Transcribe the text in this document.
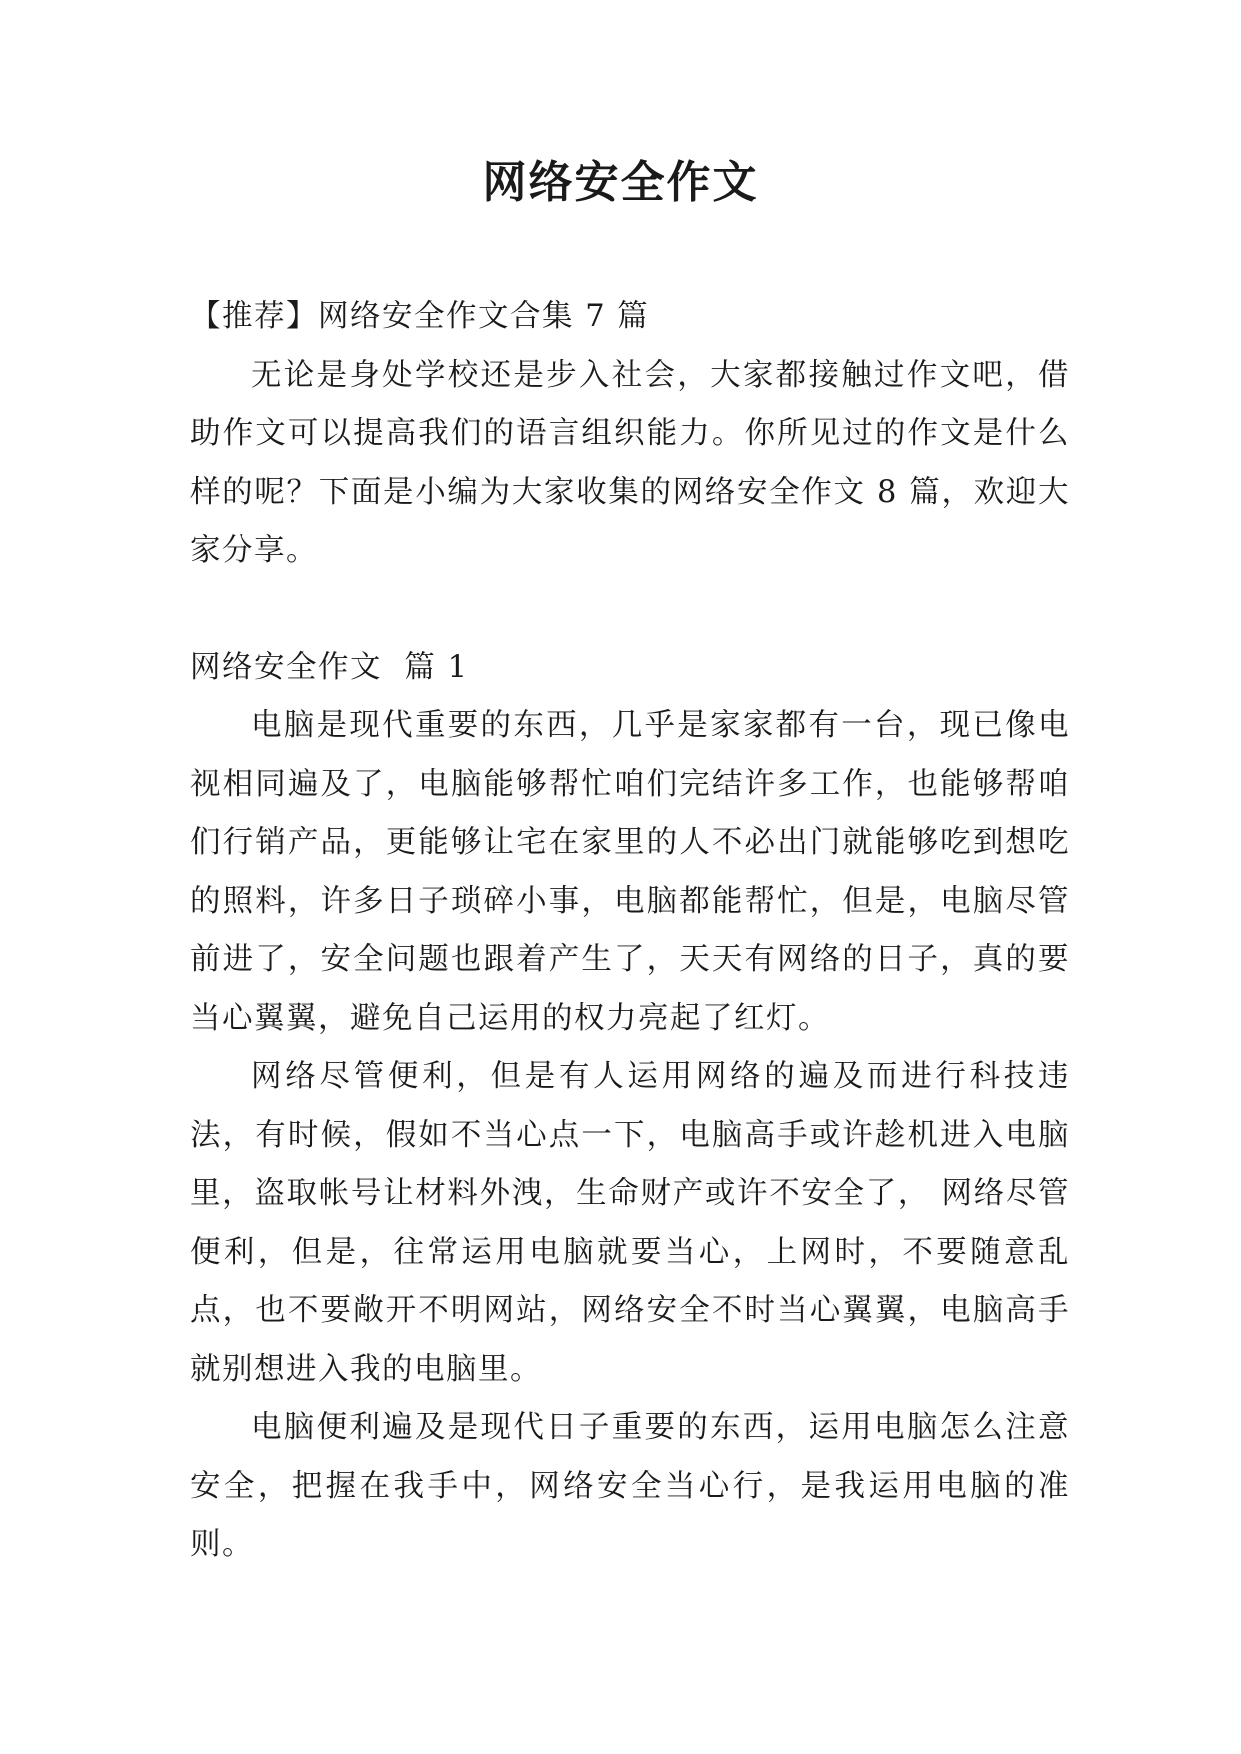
网络安全作文

【推荐】网络安全作文合集 7 篇

无论是身处学校还是步入社会，大家都接触过作文吧，借助作文可以提高我们的语言组织能力。你所见过的作文是什么样的呢？下面是小编为大家收集的网络安全作文 8 篇，欢迎大家分享。

网络安全作文  篇 1

电脑是现代重要的东西，几乎是家家都有一台，现已像电视相同遍及了，电脑能够帮忙咱们完结许多工作，也能够帮咱们行销产品，更能够让宅在家里的人不必出门就能够吃到想吃的照料，许多日子琐碎小事，电脑都能帮忙，但是，电脑尽管前进了，安全问题也跟着产生了，天天有网络的日子，真的要当心翼翼，避免自己运用的权力亮起了红灯。

网络尽管便利，但是有人运用网络的遍及而进行科技违法，有时候，假如不当心点一下，电脑高手或许趁机进入电脑里，盗取帐号让材料外洩，生命财产或许不安全了， 网络尽管便利，但是，往常运用电脑就要当心，上网时，不要随意乱点，也不要敞开不明网站，网络安全不时当心翼翼，电脑高手就别想进入我的电脑里。

电脑便利遍及是现代日子重要的东西，运用电脑怎么注意安全，把握在我手中，网络安全当心行，是我运用电脑的准则。
